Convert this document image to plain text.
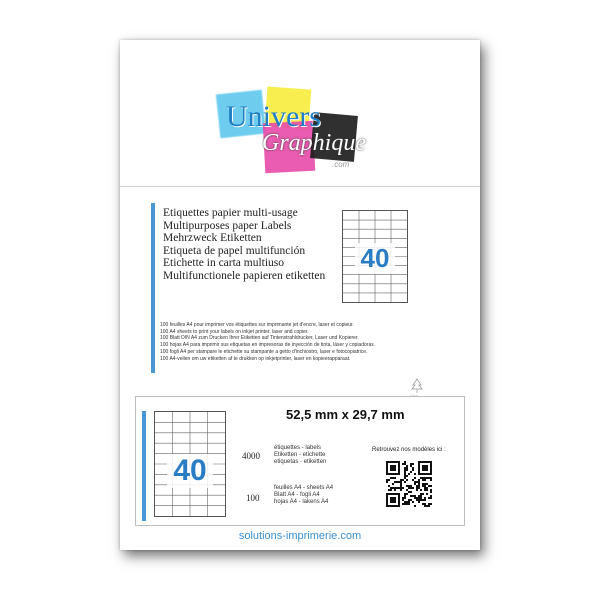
Univers
Graphique
.com
Etiquettes papier multi-usage
Multipurposes paper Labels
Mehrzweck Etiketten
Etiqueta de papel multifunción
Etichette in carta multiuso
Multifunctionele papieren etiketten
40
100 feuilles A4 pour imprimer vos étiquettes sur imprimante jet d'encre, laser et copieur.
100 A4 sheets to print your labels on inkjet printer, laser and copier.
100 Blatt DIN A4 zum Drucken Ihrer Etiketten auf Tintenstrahldrucker, Laser und Kopierer.
100 hojas A4 para imprimir sus etiquetas en impresoras de inyección de tinta, láser y copiadoras.
100 fogli A4 per stampare le etichette su stampante a getto d'inchiostro, laser e fotocopiatrice.
100 A4-vellen om uw etiketten af te drukken op inkjetprinter, laser en kopieerapparaat.
40
52,5 mm x 29,7 mm
4000
étiquettes - labels
Etiketten - etichette
etiquetas - etiketten
100
feuilles A4 - sheets A4
Blatt A4 - fogli A4
hojas A4 - lakens A4
Retrouvez nos modèles ici :
solutions-imprimerie.com
